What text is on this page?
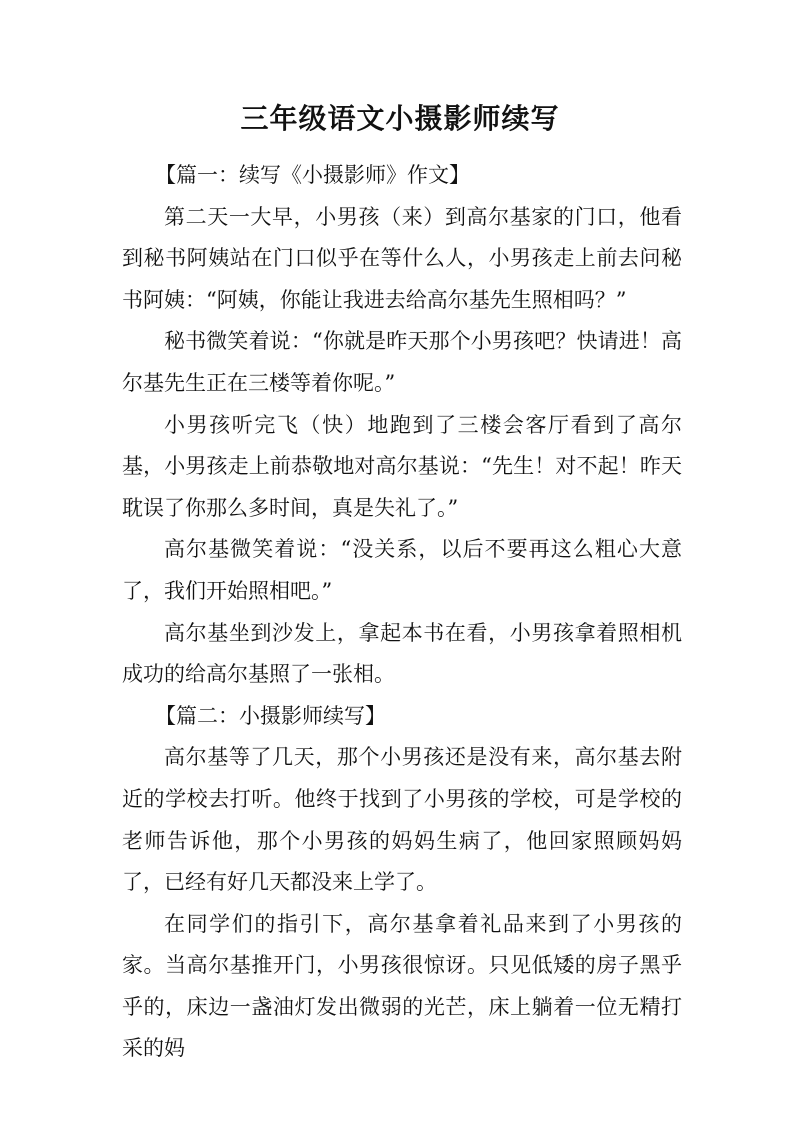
三年级语文小摄影师续写

【篇一：续写《小摄影师》作文】

第二天一大早，小男孩（来）到高尔基家的门口，他看到秘书阿姨站在门口似乎在等什么人，小男孩走上前去问秘书阿姨：“阿姨，你能让我进去给高尔基先生照相吗？”

秘书微笑着说：“你就是昨天那个小男孩吧？快请进！高尔基先生正在三楼等着你呢。”

小男孩听完飞（快）地跑到了三楼会客厅看到了高尔基，小男孩走上前恭敬地对高尔基说：“先生！对不起！昨天耽误了你那么多时间，真是失礼了。”

高尔基微笑着说：“没关系，以后不要再这么粗心大意了，我们开始照相吧。”

高尔基坐到沙发上，拿起本书在看，小男孩拿着照相机成功的给高尔基照了一张相。

【篇二：小摄影师续写】

高尔基等了几天，那个小男孩还是没有来，高尔基去附近的学校去打听。他终于找到了小男孩的学校，可是学校的老师告诉他，那个小男孩的妈妈生病了，他回家照顾妈妈了，已经有好几天都没来上学了。

在同学们的指引下，高尔基拿着礼品来到了小男孩的家。当高尔基推开门，小男孩很惊讶。只见低矮的房子黑乎乎的，床边一盏油灯发出微弱的光芒，床上躺着一位无精打采的妈
